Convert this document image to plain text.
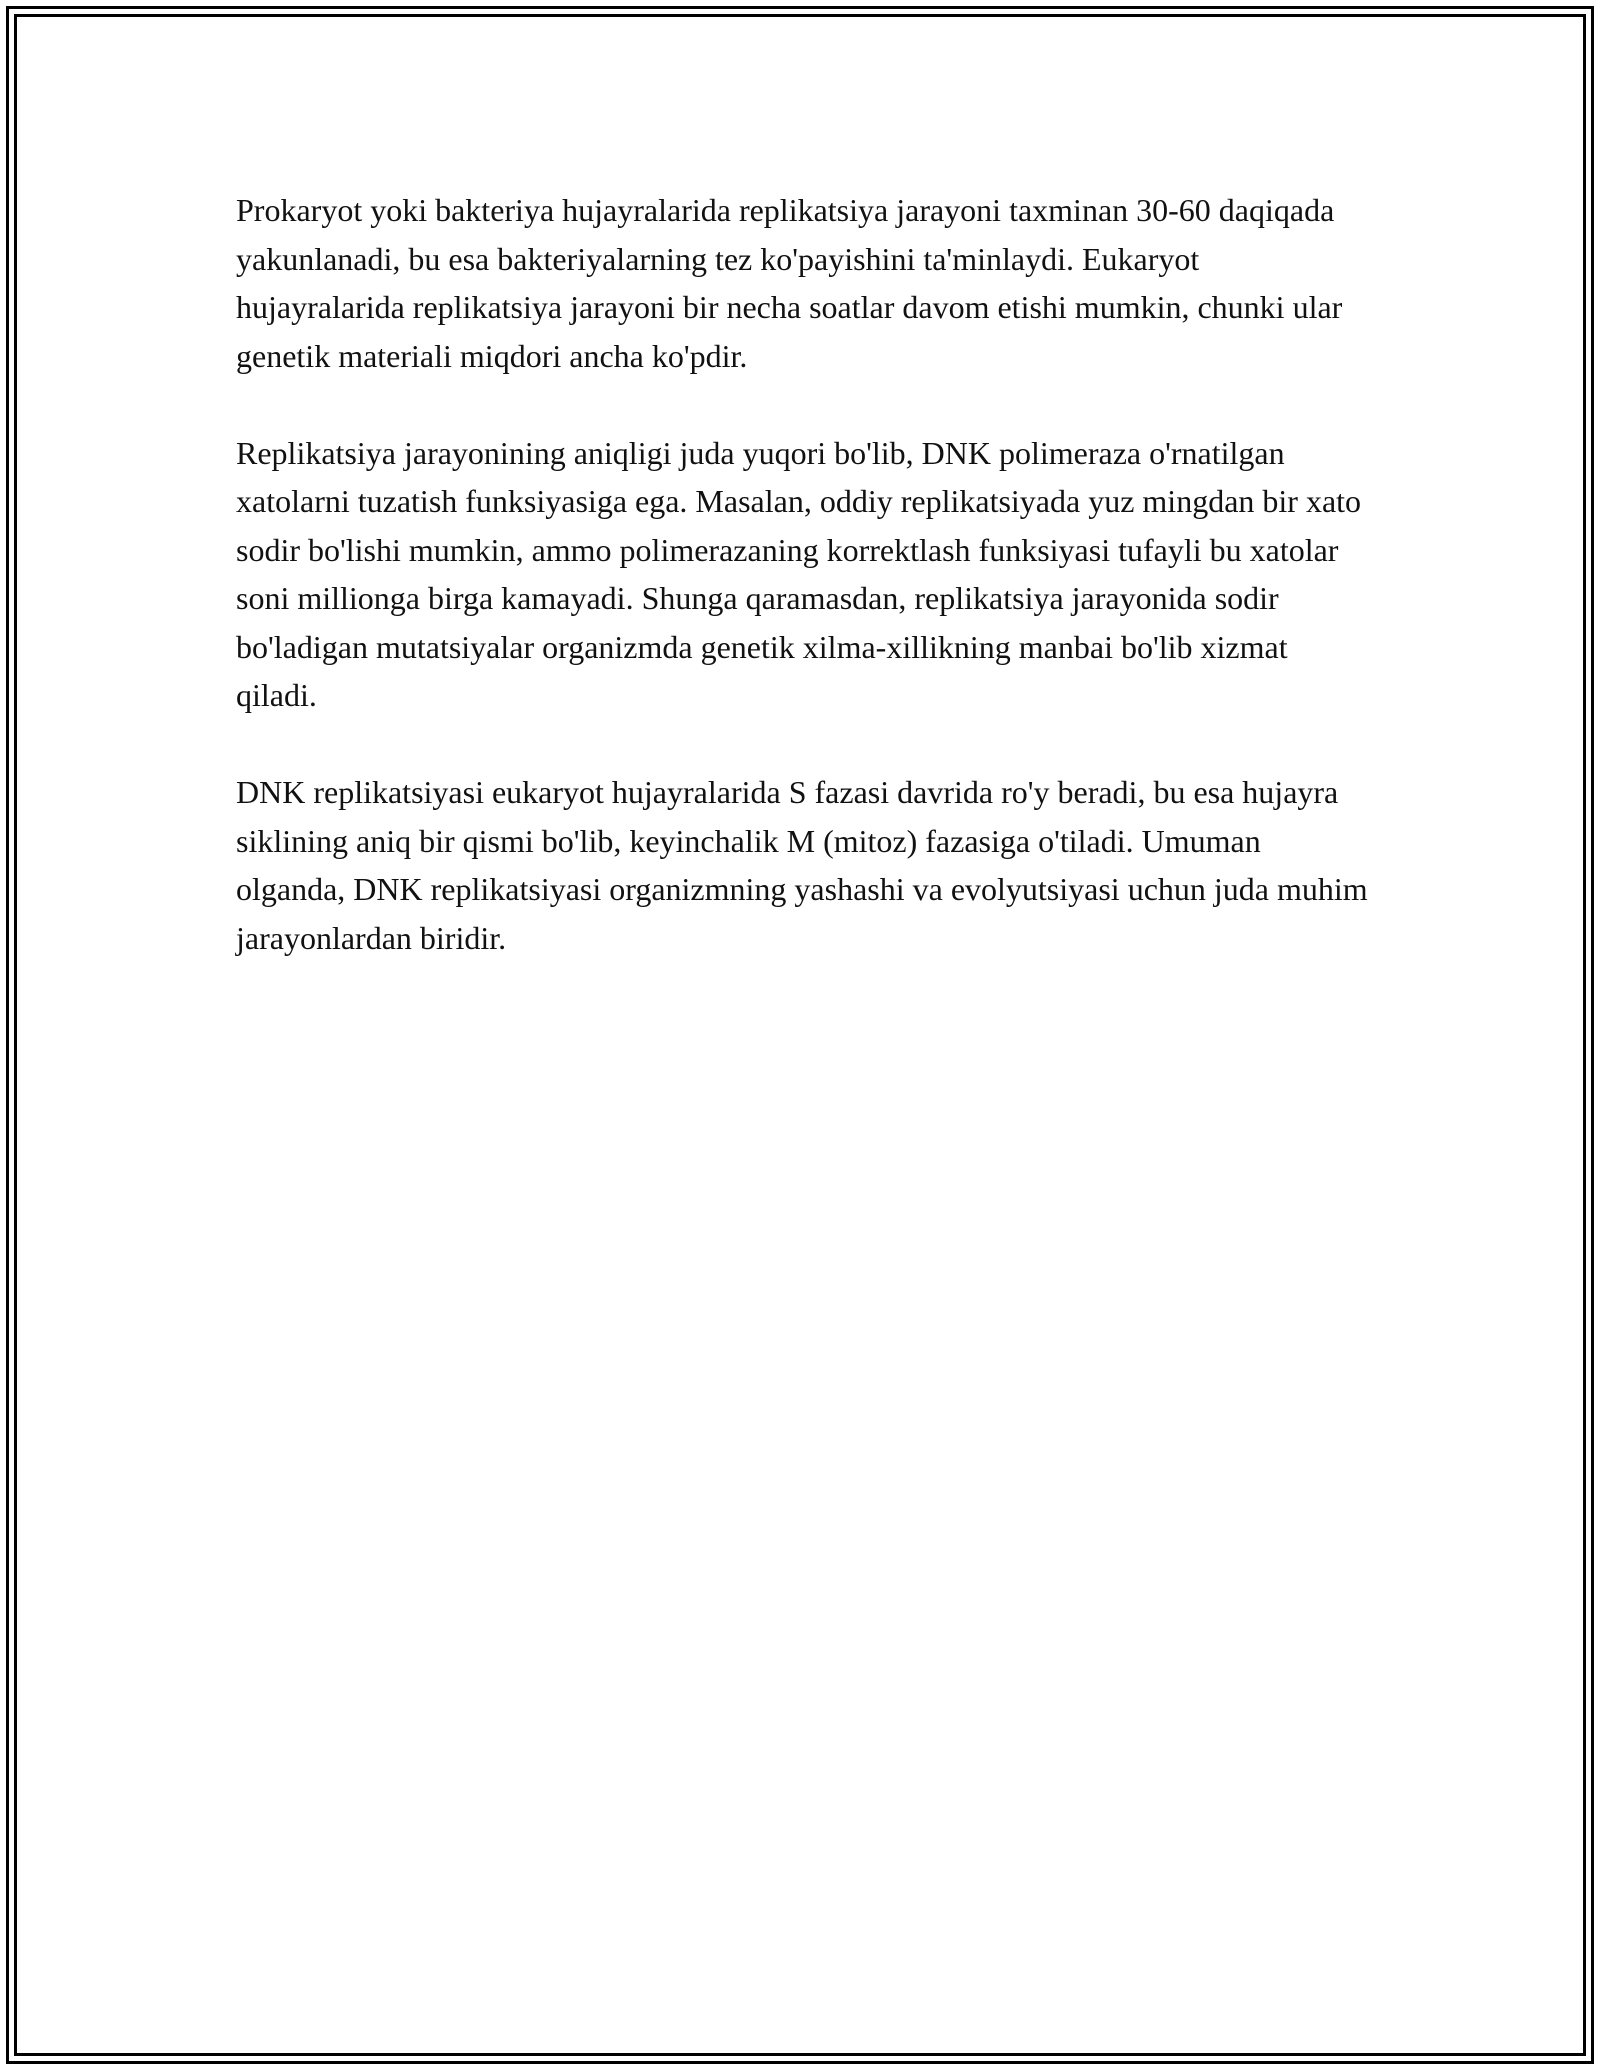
Prokaryot yoki bakteriya hujayralarida replikatsiya jarayoni taxminan 30-60 daqiqada yakunlanadi, bu esa bakteriyalarning tez ko'payishini ta'minlaydi. Eukaryot hujayralarida replikatsiya jarayoni bir necha soatlar davom etishi mumkin, chunki ular genetik materiali miqdori ancha ko'pdir.

Replikatsiya jarayonining aniqligi juda yuqori bo'lib, DNK polimeraza o'rnatilgan xatolarni tuzatish funksiyasiga ega. Masalan, oddiy replikatsiyada yuz mingdan bir xato sodir bo'lishi mumkin, ammo polimerazaning korrektlash funksiyasi tufayli bu xatolar soni millionga birga kamayadi. Shunga qaramasdan, replikatsiya jarayonida sodir bo'ladigan mutatsiyalar organizmda genetik xilma-xillikning manbai bo'lib xizmat qiladi.

DNK replikatsiyasi eukaryot hujayralarida S fazasi davrida ro'y beradi, bu esa hujayra siklining aniq bir qismi bo'lib, keyinchalik M (mitoz) fazasiga o'tiladi. Umuman olganda, DNK replikatsiyasi organizmning yashashi va evolyutsiyasi uchun juda muhim jarayonlardan biridir.
